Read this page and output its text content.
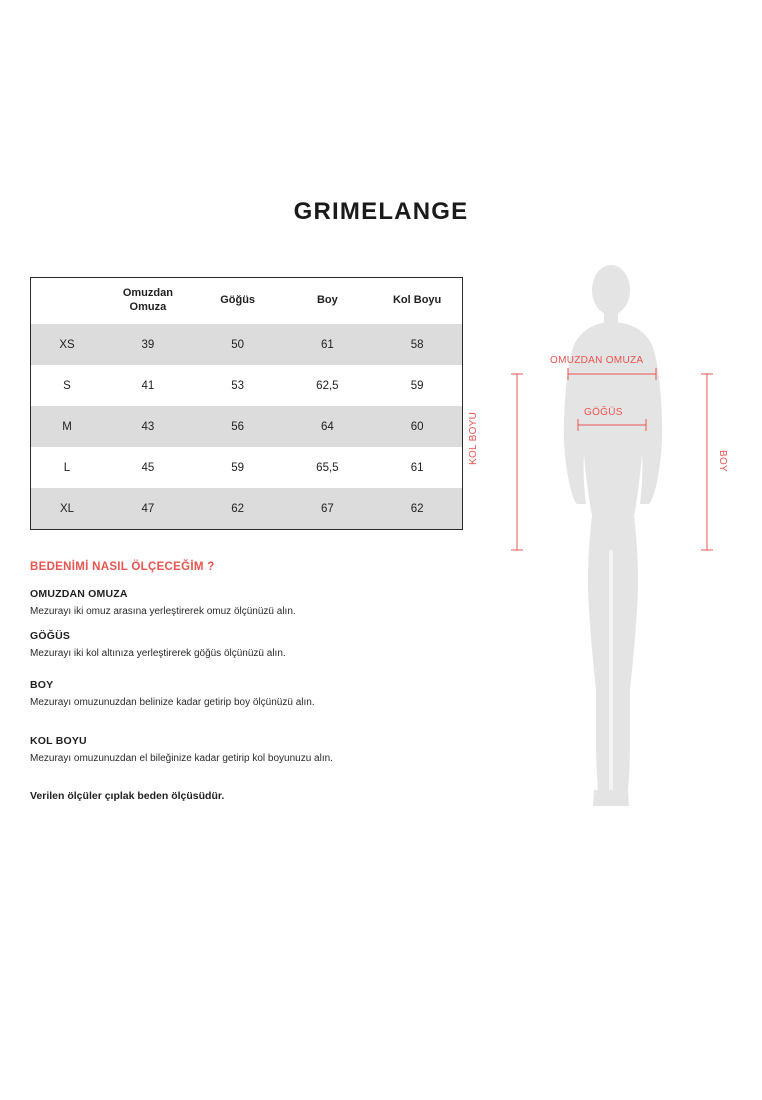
GRIMELANGE
	Omuzdan Omuza	Göğüs	Boy	Kol Boyu
XS	39	50	61	58
S	41	53	62,5	59
M	43	56	64	60
L	45	59	65,5	61
XL	47	62	67	62
BEDENİMİ NASIL ÖLÇECEĞİM ?

OMUZDAN OMUZA

Mezurayı iki omuz arasına yerleştirerek omuz ölçünüzü alın.

GÖĞÜS

Mezurayı iki kol altınıza yerleştirerek göğüs ölçünüzü alın.

BOY

Mezurayı omuzunuzdan belinize kadar getirip boy ölçünüzü alın.

KOL BOYU

Mezurayı omuzunuzdan el bileğinize kadar getirip kol boyunuzu alın.

Verilen ölçüler çıplak beden ölçüsüdür.
OMUZDAN OMUZA
GÖĞÜS
KOL BOYU	BOY
